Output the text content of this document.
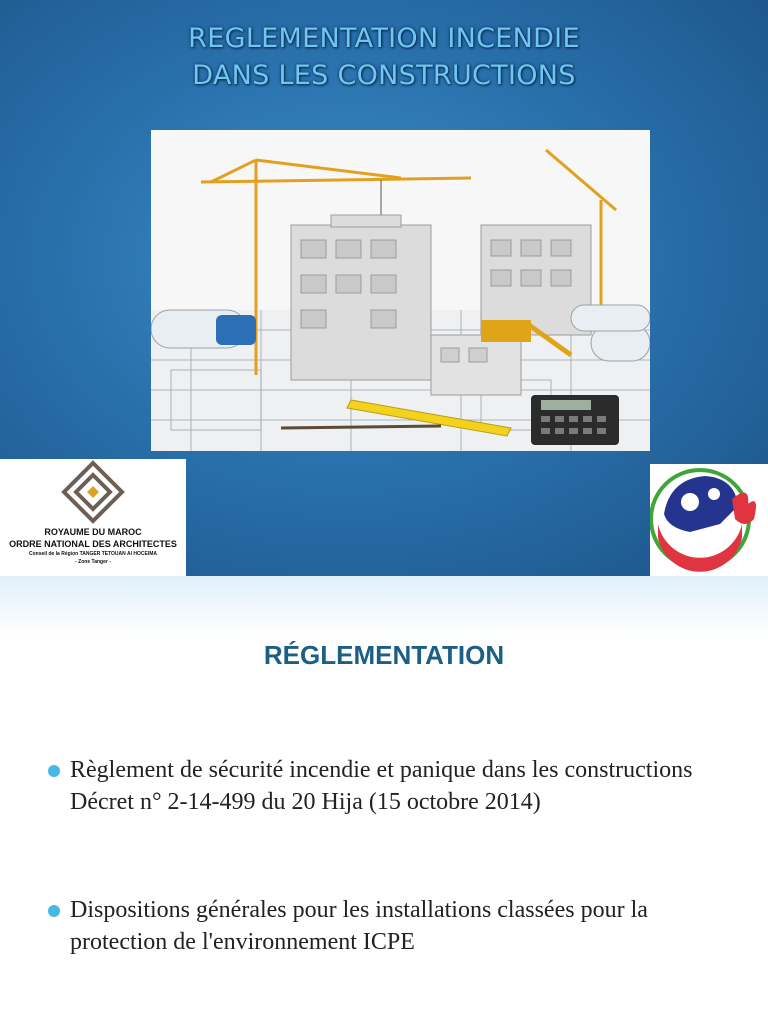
REGLEMENTATION INCENDIE
DANS LES CONSTRUCTIONS
ROYAUME DU MAROC
ORDRE NATIONAL DES ARCHITECTES
Conseil de la Région TANGER TETOUAN Al HOCEIMA
- Zone Tanger -
BESIE
RÉGLEMENTATION
Règlement de sécurité incendie et panique dans les constructions Décret n° 2-14-499 du 20 Hija (15 octobre 2014)
Dispositions générales pour les installations classées pour la protection de l'environnement ICPE
